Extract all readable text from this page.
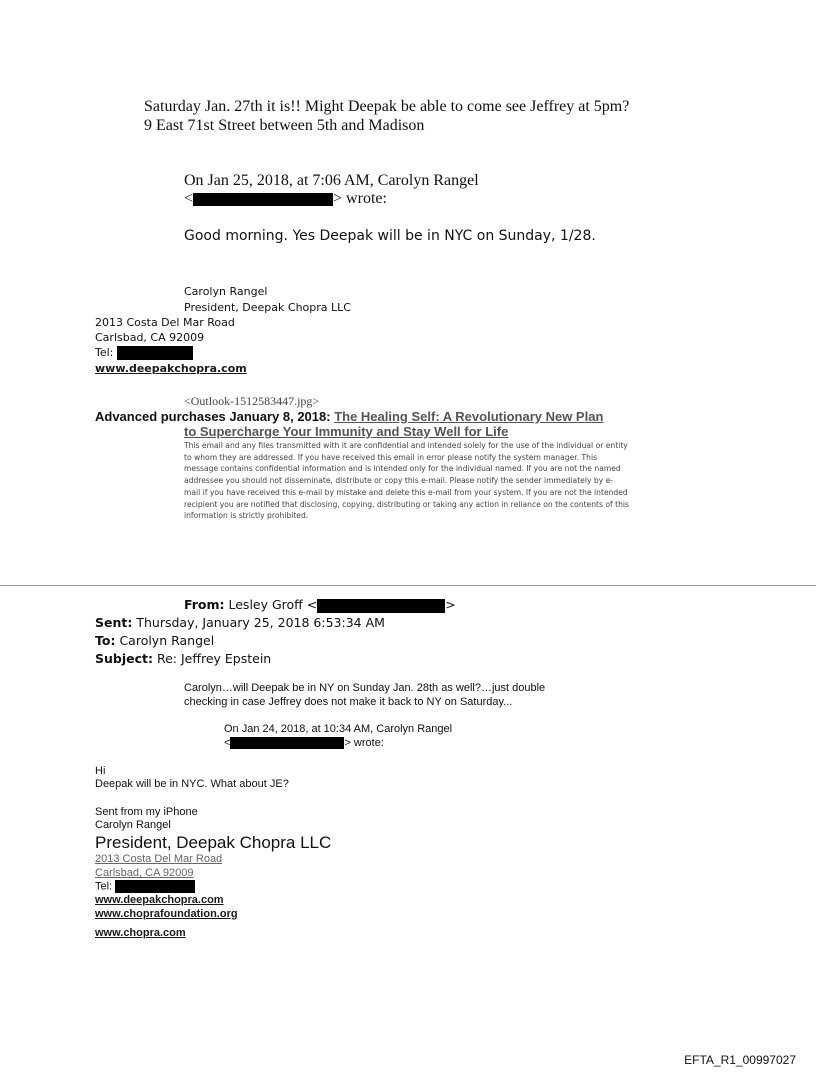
Saturday Jan. 27th it is!! Might Deepak be able to come see Jeffrey at 5pm?
9 East 71st Street between 5th and Madison
On Jan 25, 2018, at 7:06 AM, Carolyn Rangel
<	> wrote:
Good morning. Yes Deepak will be in NYC on Sunday, 1/28.
Carolyn Rangel
President, Deepak Chopra LLC
2013 Costa Del Mar Road
Carlsbad, CA 92009
Tel:
www.deepakchopra.com
<Outlook-1512583447.jpg>
Advanced purchases January 8, 2018: The Healing Self: A Revolutionary New Plan
to Supercharge Your Immunity and Stay Well for Life
This email and any files transmitted with it are confidential and intended solely for the use of the individual or entity to whom they are addressed. If you have received this email in error please notify the system manager. This message contains confidential information and is intended only for the individual named. If you are not the named addressee you should not disseminate, distribute or copy this e-mail. Please notify the sender immediately by e-mail if you have received this e-mail by mistake and delete this e-mail from your system. If you are not the intended recipient you are notified that disclosing, copying, distributing or taking any action in reliance on the contents of this information is strictly prohibited.
From: Lesley Groff <	>
Sent: Thursday, January 25, 2018 6:53:34 AM
To: Carolyn Rangel
Subject: Re: Jeffrey Epstein
Carolyn…will Deepak be in NY on Sunday Jan. 28th as well?…just double
checking in case Jeffrey does not make it back to NY on Saturday...
On Jan 24, 2018, at 10:34 AM, Carolyn Rangel
<	> wrote:
Hi
Deepak will be in NYC. What about JE?
Sent from my iPhone
Carolyn Rangel
President, Deepak Chopra LLC
2013 Costa Del Mar Road
Carlsbad, CA 92009
Tel:
www.deepakchopra.com
www.choprafoundation.org
www.chopra.com
EFTA_R1_00997027
